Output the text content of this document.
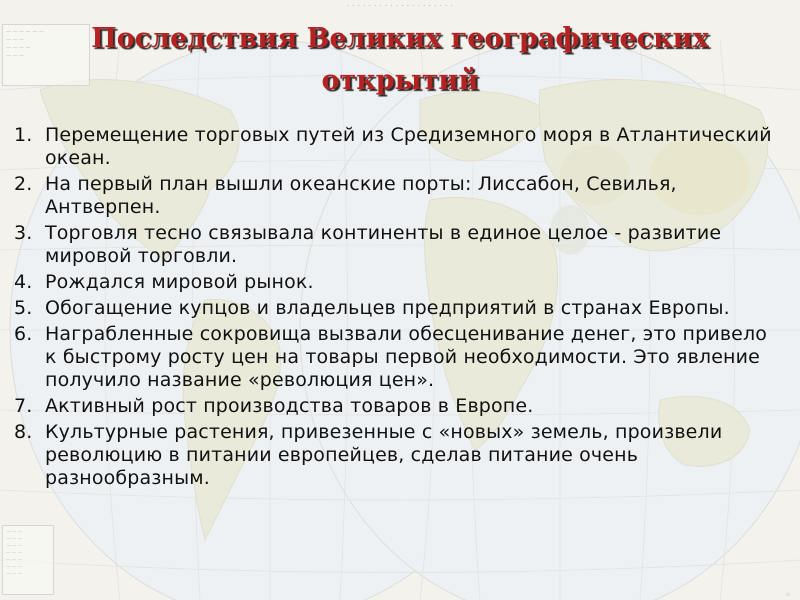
· · · · · · · · · · · · · · · · · · · ·
— — — — — —
— — —
— — — —
— — —
— — —
— — —
— — —
— — —
— — —
— — —
— — —
▫
Последствия Великих географических открытий
1. Перемещение торговых путей из Средиземного моря в Атлантический океан.
2. На первый план вышли океанские порты: Лиссабон, Севилья, Антверпен.
3. Торговля тесно связывала континенты в единое целое - развитие мировой торговли.
4. Рождался мировой рынок.
5. Обогащение купцов и владельцев предприятий в странах Европы.
6. Награбленные сокровища вызвали обесценивание денег, это привело к быстрому росту цен на товары первой необходимости. Это явление получило название «революция цен».
7. Активный рост производства товаров в Европе.
8. Культурные растения, привезенные с «новых» земель, произвели революцию в питании европейцев, сделав питание очень разнообразным.
